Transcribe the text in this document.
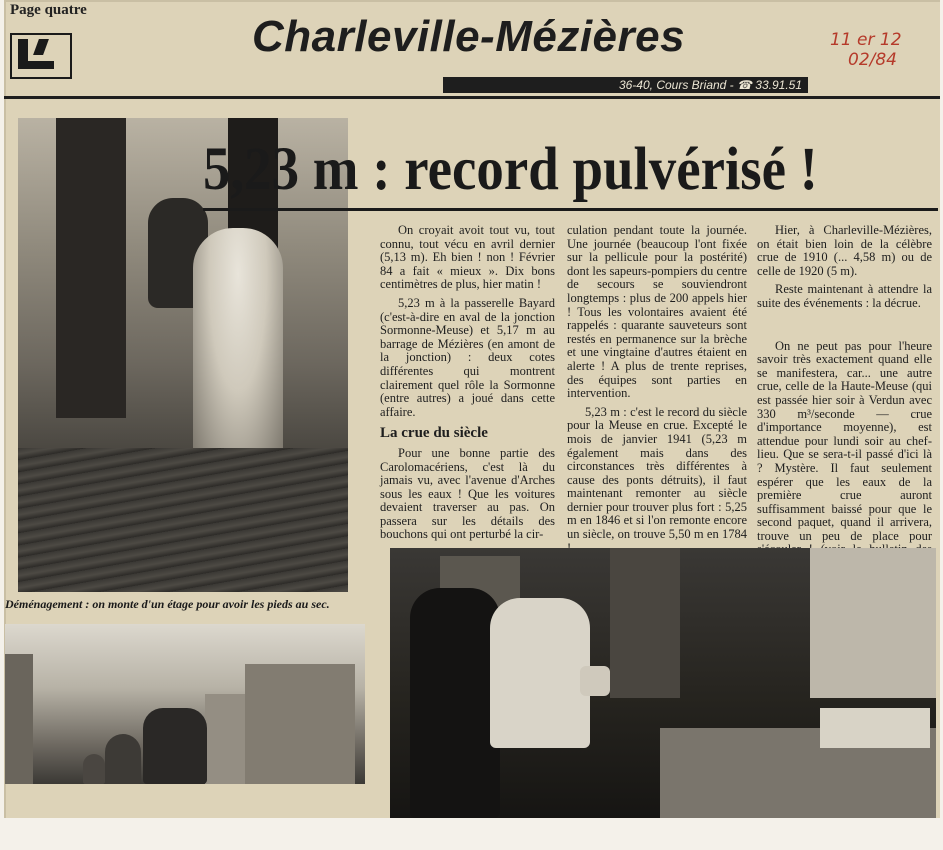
Page quatre
Charleville-Mézières	11 er 12
02/84
36-40, Cours Briand - ☎ 33.91.51
5,23 m : record pulvérisé !

On croyait avoit tout vu, tout connu, tout vécu en avril dernier (5,13 m). Eh bien ! non ! Février 84 a fait « mieux ». Dix bons centimètres de plus, hier matin !

5,23 m à la passerelle Bayard (c'est-à-dire en aval de la jonction Sormonne-Meuse) et 5,17 m au barrage de Mézières (en amont de la jonction) : deux cotes différentes qui montrent clairement quel rôle la Sormonne (entre autres) a joué dans cette affaire.

La crue du siècle

Pour une bonne partie des Carolomacériens, c'est là du jamais vu, avec l'avenue d'Arches sous les eaux ! Que les voitures devaient traverser au pas. On passera sur les détails des bouchons qui ont perturbé la cir-

culation pendant toute la journée. Une journée (beaucoup l'ont fixée sur la pellicule pour la postérité) dont les sapeurs-pompiers du centre de secours se souviendront longtemps : plus de 200 appels hier ! Tous les volontaires avaient été rappelés : quarante sauveteurs sont restés en permanence sur la brèche et une vingtaine d'autres étaient en alerte ! A plus de trente reprises, des équipes sont parties en intervention.

5,23 m : c'est le record du siècle pour la Meuse en crue. Excepté le mois de janvier 1941 (5,23 m également mais dans des circonstances très différentes à cause des ponts détruits), il faut maintenant remonter au siècle dernier pour trouver plus fort : 5,25 m en 1846 et si l'on remonte encore un siècle, on trouve 5,50 m en 1784

Hier, à Charleville-Mézières, on était bien loin de la célèbre crue de 1910 (... 4,58 m) ou de celle de 1920 (5 m).

Reste maintenant à attendre la suite des événements : la décrue.

On ne peut pas pour l'heure savoir très exactement quand elle se manifestera, car... une autre crue, celle de la Haute-Meuse (qui est passée hier soir à Verdun avec 330 m³/seconde — crue d'importance moyenne), est attendue pour lundi soir au chef-lieu. Que se sera-t-il passé d'ici là ? Mystère. Il faut seulement espérer que les eaux de la première crue auront suffisamment baissé pour que le second paquet, quand il arrivera, trouve un peu de place pour

Déménagement : on monte d'un étage pour avoir les pieds au sec.
